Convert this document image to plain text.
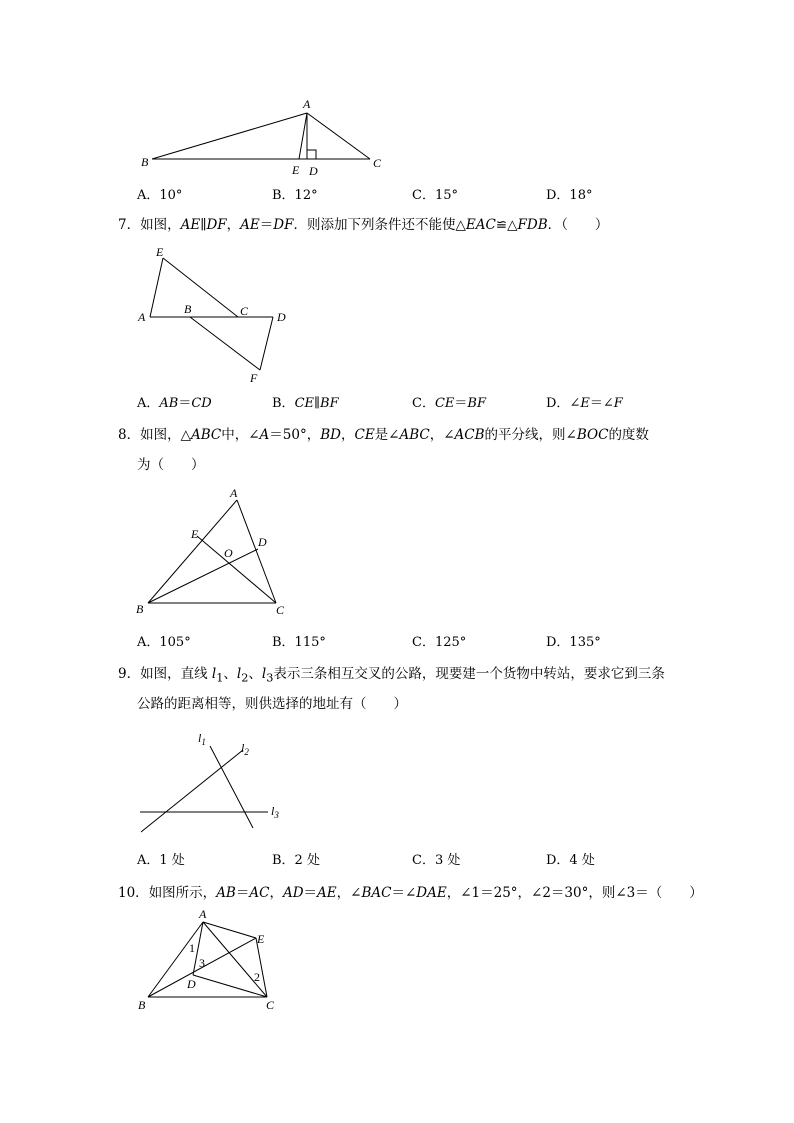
A
B	C
D
E
A．10°	B．12°	C．15°	D．18°
7．如图，AE∥DF，AE＝DF．则添加下列条件还不能使△EAC≌△FDB．（　　）
A
B	C D
E
F
A．AB＝CD	B．CE∥BF	C．CE＝BF	D．∠E＝∠F
8．如图，△ABC中，∠A＝50°，BD，CE是∠ABC，∠ACB的平分线，则∠BOC的度数
为（　　）
A
B	C
D
E
O
A．105°	B．115°	C．125°	D．135°
9．如图，直线 $l_1$、$l_2$、$l_3$表示三条相互交叉的公路，现要建一个货物中转站，要求它到三条
公路的距离相等，则供选择的地址有（　　）
$l_1$	$l_2$
$l_3$
A．1 处	B．2 处	C．3 处	D．4 处
10．如图所示，AB＝AC，AD＝AE，∠BAC＝∠DAE，∠1＝25°，∠2＝30°，则∠3＝（　　）
A
B	C
D
E
1
2
3
